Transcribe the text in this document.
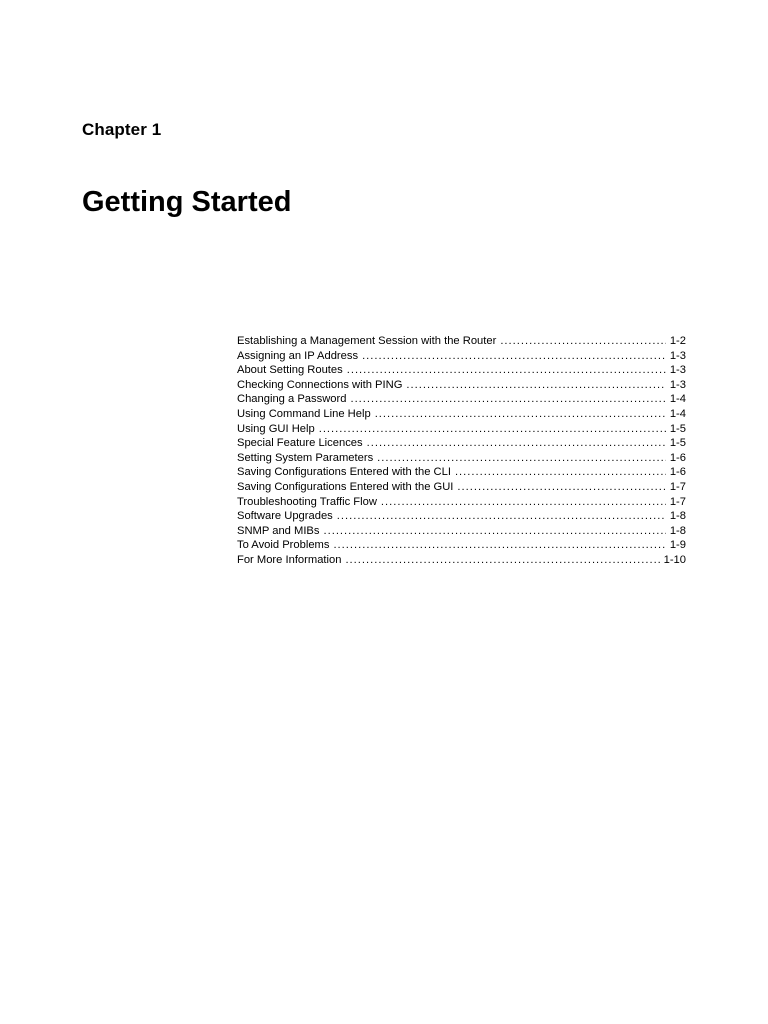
Chapter 1
Getting Started
Establishing a Management Session with the Router .....	1-2
Assigning an IP Address .....	1-3
About Setting Routes .....	1-3
Checking Connections with PING .....	1-3
Changing a Password .....	1-4
Using Command Line Help .....	1-4
Using GUI Help .....	1-5
Special Feature Licences .....	1-5
Setting System Parameters .....	1-6
Saving Configurations Entered with the CLI .....	1-6
Saving Configurations Entered with the GUI .....	1-7
Troubleshooting Traffic Flow .....	1-7
Software Upgrades .....	1-8
SNMP and MIBs .....	1-8
To Avoid Problems .....	1-9
For More Information .....	1-10
